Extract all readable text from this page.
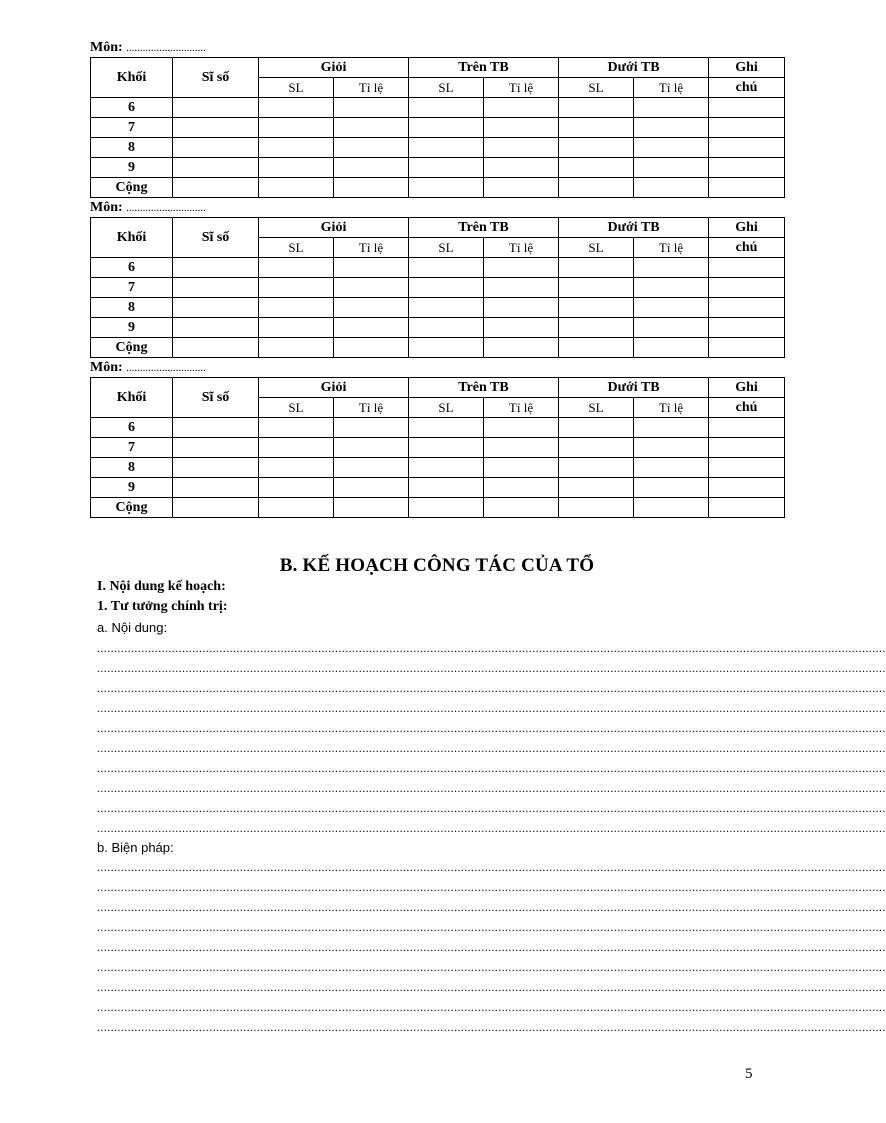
Môn: .............................
Khối	Sĩ số	Giỏi		Trên TB		Dưới TB		Ghi
		SL	Tỉ lệ	SL	Tỉ lệ	SL	Tỉ lệ	chú
6								
7								
8								
9								
Cộng								
Môn: .............................
Khối	Sĩ số	Giỏi		Trên TB		Dưới TB		Ghi
		SL	Tỉ lệ	SL	Tỉ lệ	SL	Tỉ lệ	chú
6								
7								
8								
9								
Cộng								
Môn: .............................
Khối	Sĩ số	Giỏi		Trên TB		Dưới TB		Ghi
		SL	Tỉ lệ	SL	Tỉ lệ	SL	Tỉ lệ	chú
6								
7								
8								
9								
Cộng								
B. KẾ HOẠCH CÔNG TÁC CỦA TỔ
I. Nội dung kế hoạch:
1. Tư tưởng chính trị:
a. Nội dung:
........................................................................................................................................................................................................................................
........................................................................................................................................................................................................................................
........................................................................................................................................................................................................................................
........................................................................................................................................................................................................................................
........................................................................................................................................................................................................................................
........................................................................................................................................................................................................................................
........................................................................................................................................................................................................................................
........................................................................................................................................................................................................................................
........................................................................................................................................................................................................................................
........................................................................................................................................................................................................................................
b. Biện pháp:
........................................................................................................................................................................................................................................
........................................................................................................................................................................................................................................
........................................................................................................................................................................................................................................
........................................................................................................................................................................................................................................
........................................................................................................................................................................................................................................
........................................................................................................................................................................................................................................
........................................................................................................................................................................................................................................
........................................................................................................................................................................................................................................
........................................................................................................................................................................................................................................
5
